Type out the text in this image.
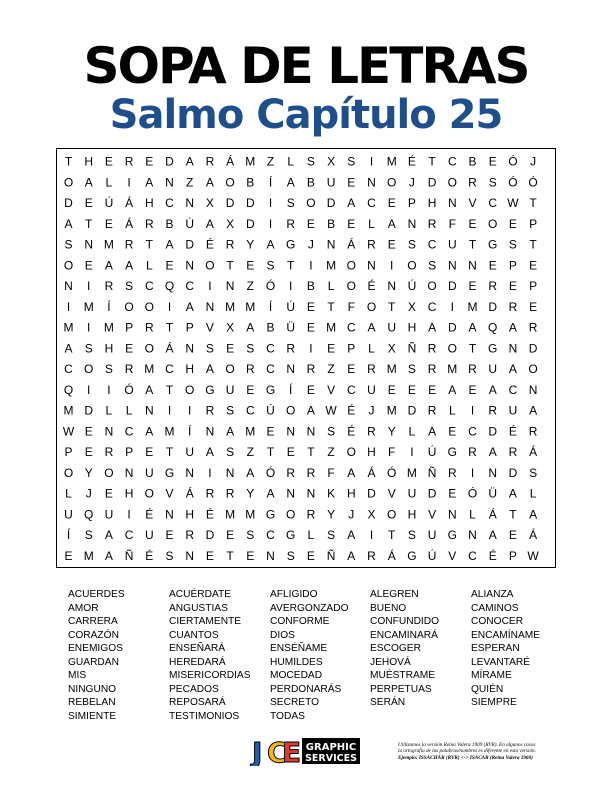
SOPA DE LETRAS
Salmo Capítulo 25
T H E R E D A R Á M Z L S X S I M É T C B E Ó J
O A L I A N Z A O B Í A B U E N O J D O R S Ó Ó
D E Ú Á H C N X D D I S O D A C E P H N V C W T
A T E Á R B Ú A X D I R E B E L A N R F E O E P
S N M R T A D É R Y A G J N Á R E S C U T G S T
O E A A L E N O T E S T I M O N I O S N N E P E
N I R S C Q C I N Z Ó I B L O É N Ú O D E R E P
I M Í O O I A N M M Í Ú E T F O T X C I M D R E
M I M P R T P V X A B Ü E M C A U H A D A Q A R
A S H E O Á N S E S C R I E P L X Ñ R O T G N D
C O S R M C H A O R C N R Z E R M S R M R U A O
Q I I Ó A T O G U E G Í E V C U E E E A E A C N
M D L L N I I R S C Ú O A W É J M D R L I R U A
W E N C A M Í N A M E N N S É R Y L A E C D É R
P E R P E T U A S Z T E T Z O H F I Ú G R A R Á
O Y O N U G N I N A Ó R R F A Á Ó M Ñ R I N D S
L J E H O V Á R R Y A N N K H D V U D E Ó Ü A L
U Q U I É N H É M M G O R Y J X O H V N L Á T A
Í S A C U E R D E S C G L S A I T S U G N A E Á
E M A Ñ É S N E T E N S E Ñ A R Á G Ú V C É P W
ACUERDES
AMOR
CARRERA
CORAZÓN
ENEMIGOS
GUARDAN
MIS
NINGUNO
REBELAN
SIMIENTE
ACUÉRDATE
ANGUSTIAS
CIERTAMENTE
CUANTOS
ENSEÑARÁ
HEREDARÁ
MISERICORDIAS
PECADOS
REPOSARÁ
TESTIMONIOS
AFLIGIDO
AVERGONZADO
CONFORME
DIOS
ENSÉÑAME
HUMILDES
MOCEDAD
PERDONARÁS
SECRETO
TODAS
ALEGREN
BUENO
CONFUNDIDO
ENCAMINARÁ
ESCOGER
JEHOVÁ
MUÉSTRAME
PERPETUAS
SERÁN
ALIANZA
CAMINOS
CONOCER
ENCAMÍNAME
ESPERAN
LEVANTARÉ
MÍRAME
QUIÉN
SIEMPRE
J C
E GRAPHIC
SERVICES
Utilizamos la versión Reina Valera 1909 (RVR). En algunos casos
la ortografía de las palabras/nombres es diferente en esta versión.
Ejemplo: ISSACHÁR (RVR) <-> ISACAR (Reina Valera 1960)
